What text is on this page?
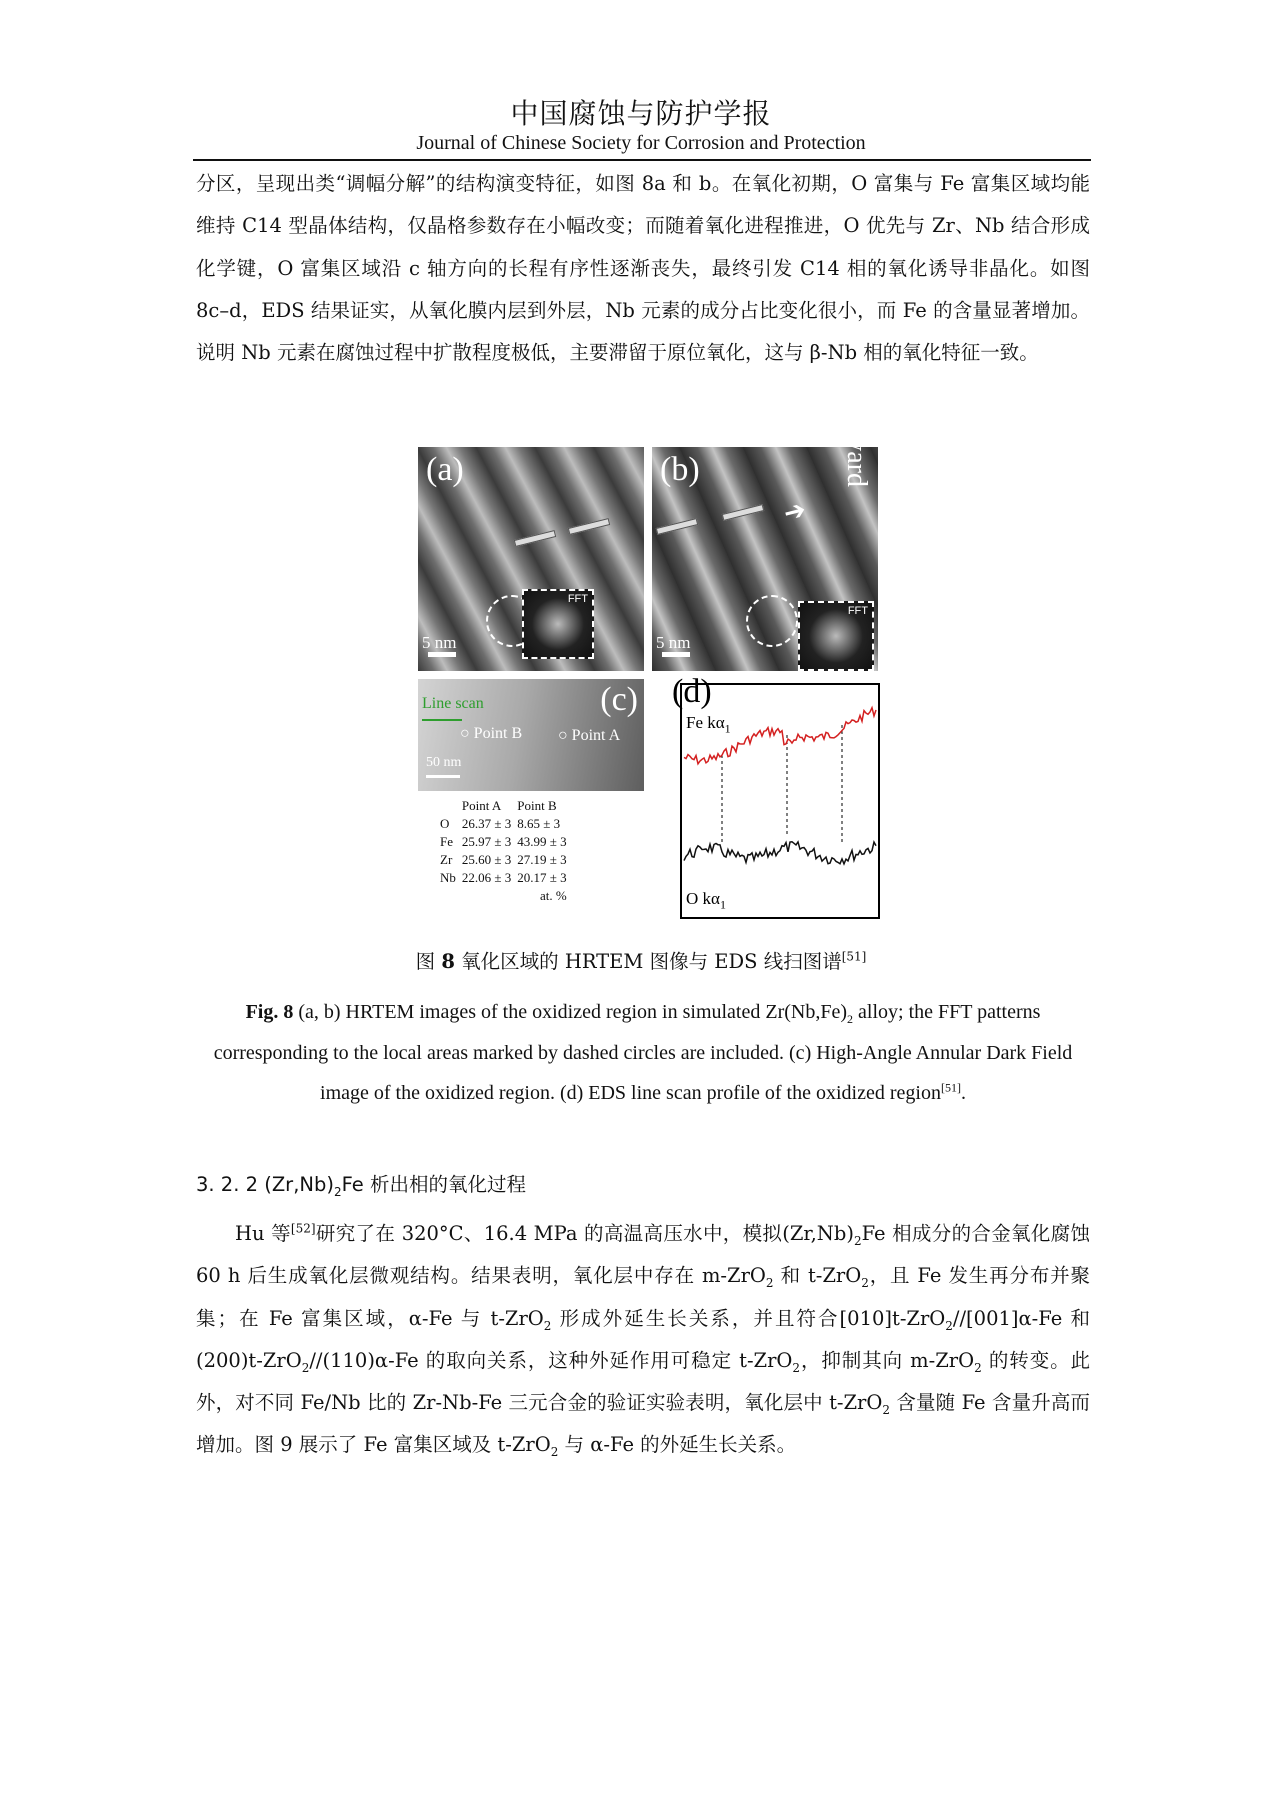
中国腐蚀与防护学报
Journal of Chinese Society for Corrosion and Protection

分区，呈现出类“调幅分解”的结构演变特征，如图 8a 和 b。在氧化初期，O 富集与 Fe 富集区域均能维持 C14 型晶体结构，仅晶格参数存在小幅改变；而随着氧化进程推进，O 优先与 Zr、Nb 结合形成化学键，O 富集区域沿 c 轴方向的长程有序性逐渐丧失，最终引发 C14 相的氧化诱导非晶化。如图 8c–d，EDS 结果证实，从氧化膜内层到外层，Nb 元素的成分占比变化很小，而 Fe 的含量显著增加。说明 Nb 元素在腐蚀过程中扩散程度极低，主要滞留于原位氧化，这与 β-Nb 相的氧化特征一致。

(a)
FFT
5 nm
(b)
➔
outward
FFT
5 nm
(c)
Line scan
○ Point B ○ Point A
50 nm
	Point A	Point B
O	26.37 ± 3	8.65 ± 3
Fe	25.97 ± 3	43.99 ± 3
Zr	25.60 ± 3	27.19 ± 3
Nb	22.06 ± 3	20.17 ± 3
		at. %
(d)
Fe $k\alpha_1$
O $k\alpha_1$
图 8 氧化区域的 HRTEM 图像与 EDS 线扫图谱[51]

Fig. 8 (a, b) HRTEM images of the oxidized region in simulated $Zr(Nb,Fe)_2$ alloy; the FFT patterns corresponding to the local areas marked by dashed circles are included. (c) High-Angle Annular Dark Field image of the oxidized region. (d) EDS line scan profile of the oxidized region[51].

3. 2. 2 $(Zr,Nb)_2Fe$ 析出相的氧化过程

Hu 等[52]研究了在 320°C、16.4 MPa 的高温高压水中，模拟$(Zr,Nb)_2Fe$ 相成分的合金氧化腐蚀 60 h 后生成氧化层微观结构。结果表明，氧化层中存在 m-ZrO$_2$ 和 t-ZrO$_2$，且 Fe 发生再分布并聚集；在 Fe 富集区域，α-Fe 与 t-ZrO$_2$ 形成外延生长关系，并且符合[010]t-ZrO$_2$//[001]α-Fe 和(200)t-ZrO$_2$//(110)α-Fe 的取向关系，这种外延作用可稳定 t-ZrO$_2$，抑制其向 m-ZrO$_2$ 的转变。此外，对不同 Fe/Nb 比的 Zr-Nb-Fe 三元合金的验证实验表明，氧化层中 t-ZrO$_2$ 含量随 Fe 含量升高而增加。图 9 展示了 Fe 富集区域及 t-ZrO$_2$ 与 α-Fe 的外延生长关系。
